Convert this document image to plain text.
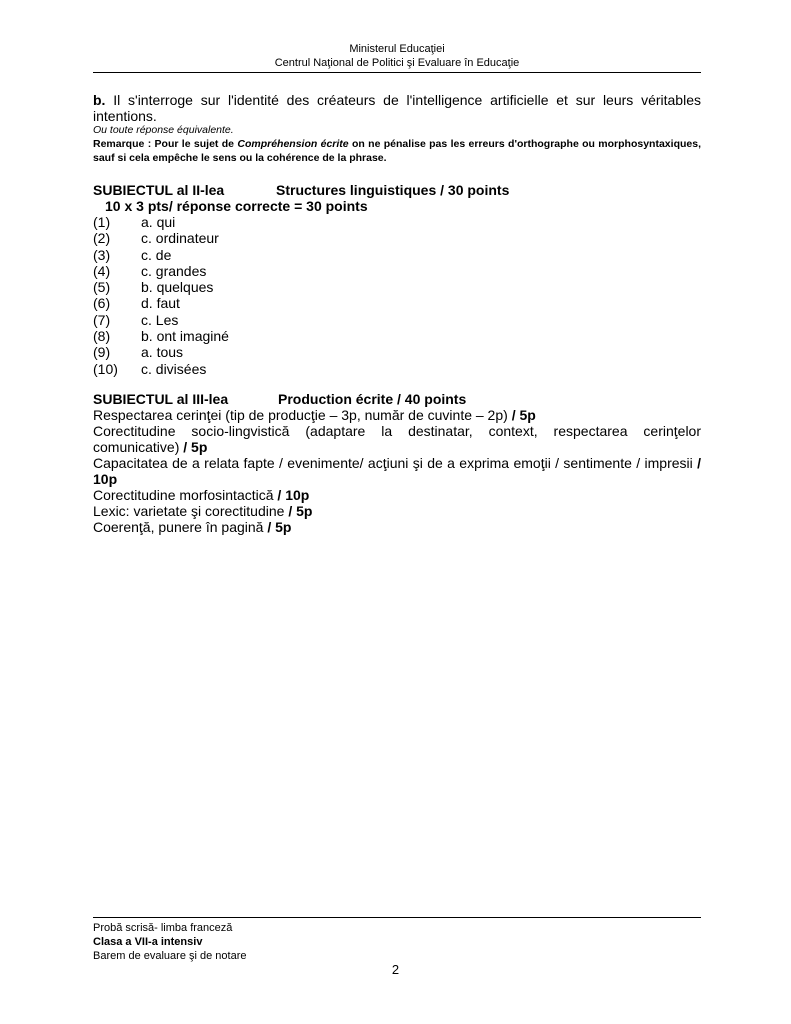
Ministerul Educaţiei
Centrul Naţional de Politici şi Evaluare în Educaţie
b. Il s'interroge sur l'identité des créateurs de l'intelligence artificielle et sur leurs véritables intentions.
Ou toute réponse équivalente.
Remarque : Pour le sujet de Compréhension écrite on ne pénalise pas les erreurs d'orthographe ou morphosyntaxiques, sauf si cela empêche le sens ou la cohérence de la phrase.
SUBIECTUL al II-lea	Structures linguistiques / 30 points
10 x 3 pts/ réponse correcte = 30 points
(1)	a. qui
(2)	c. ordinateur
(3)	c. de
(4)	c. grandes
(5)	b. quelques
(6)	d. faut
(7)	c. Les
(8)	b. ont imaginé
(9)	a. tous
(10)	c. divisées
SUBIECTUL al III-lea	Production écrite / 40 points
Respectarea cerinţei (tip de producţie – 3p, număr de cuvinte – 2p) / 5p
Corectitudine socio-lingvistică (adaptare la destinatar, context, respectarea cerinţelor comunicative) / 5p
Capacitatea de a relata fapte / evenimente/ acţiuni şi de a exprima emoţii / sentimente / impresii / 10p
Corectitudine morfosintactică / 10p
Lexic: varietate şi corectitudine / 5p
Coerenţă, punere în pagină / 5p
Probă scrisă- limba franceză
Clasa a VII-a intensiv
Barem de evaluare şi de notare
2
